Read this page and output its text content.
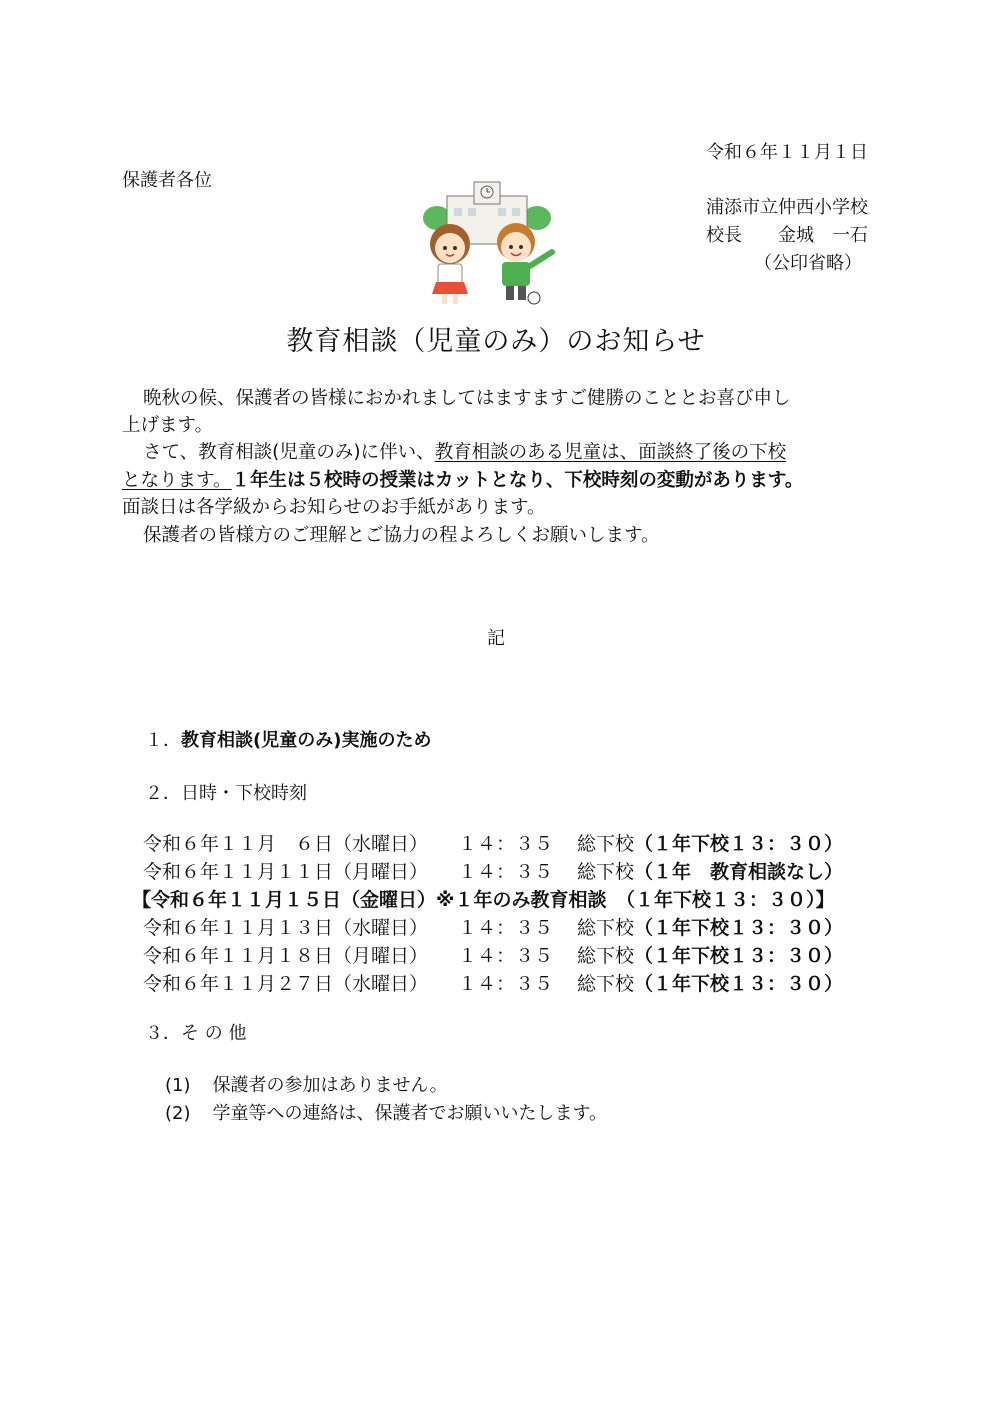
令和６年１１月１日
保護者各位
浦添市立仲西小学校
校長　　金城　一石
（公印省略）
教育相談（児童のみ）のお知らせ
晩秋の候、保護者の皆様におかれましてはますますご健勝のこととお喜び申し
上げます。
さて、教育相談(児童のみ)に伴い、教育相談のある児童は、面談終了後の下校
となります。１年生は５校時の授業はカットとなり、下校時刻の変動があります。
面談日は各学級からお知らせのお手紙があります。
保護者の皆様方のご理解とご協力の程よろしくお願いします。
記
１．教育相談(児童のみ)実施のため
２．日時・下校時刻
令和６年１１月　６日（水曜日） １４：３５ 総下校（１年下校１３：３０）
令和６年１１月１１日（月曜日） １４：３５ 総下校（１年　教育相談なし）
【令和６年１１月１５日（金曜日）※１年のみ教育相談　（１年下校１３：３０）】
令和６年１１月１３日（水曜日） １４：３５ 総下校（１年下校１３：３０）
令和６年１１月１８日（月曜日） １４：３５ 総下校（１年下校１３：３０）
令和６年１１月２７日（水曜日） １４：３５ 総下校（１年下校１３：３０）
３．そ の 他
(1) 保護者の参加はありません。
(2) 学童等への連絡は、保護者でお願いいたします。
